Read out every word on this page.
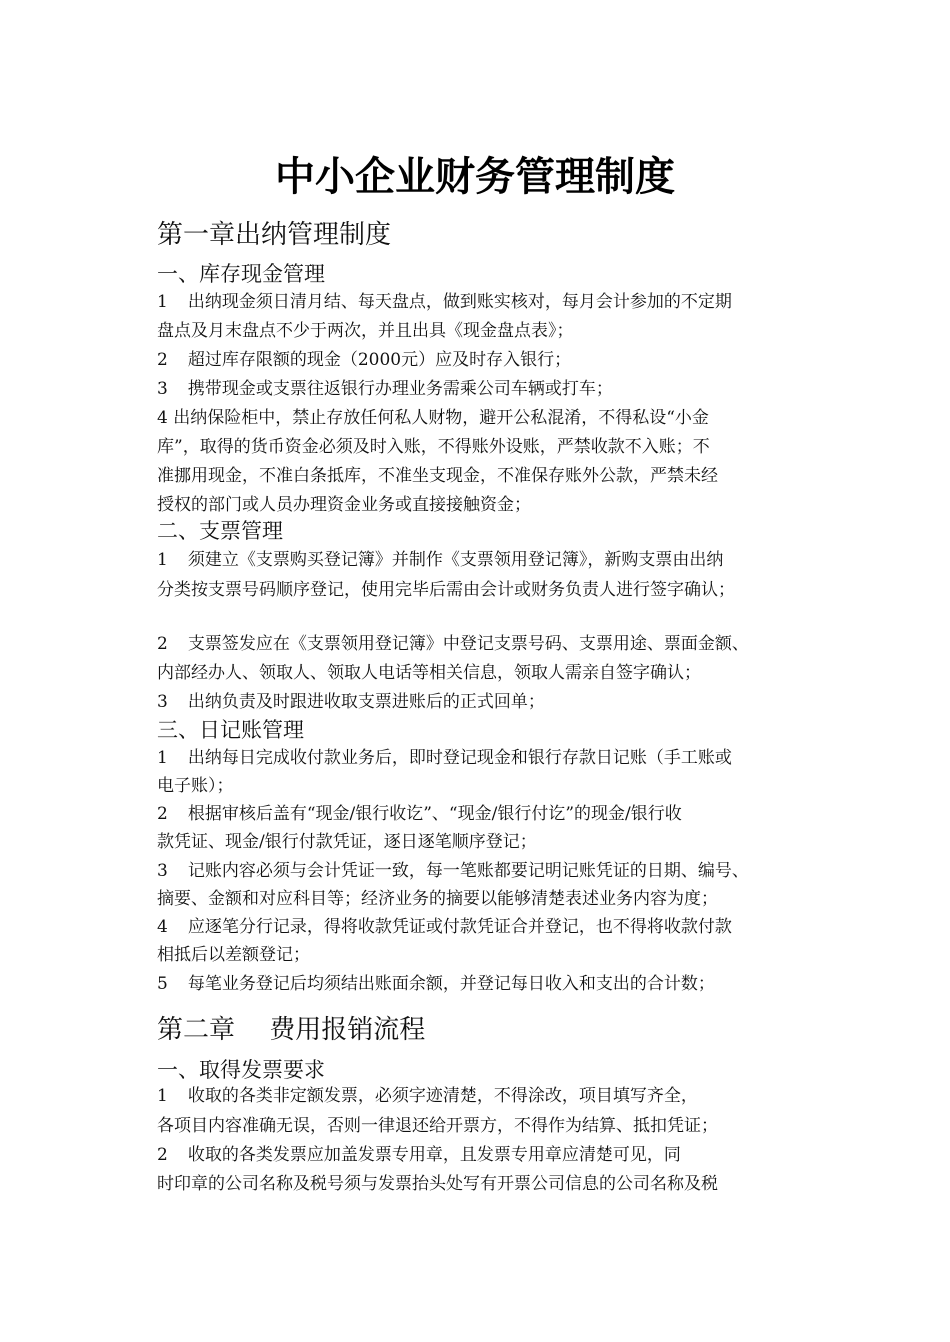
中小企业财务管理制度
第一章出纳管理制度
一、库存现金管理
1 出纳现金须日清月结、每天盘点，做到账实核对，每月会计参加的不定期
盘点及月末盘点不少于两次，并且出具《现金盘点表》；
2 超过库存限额的现金（2000元）应及时存入银行；
3 携带现金或支票往返银行办理业务需乘公司车辆或打车；
4 出纳保险柜中，禁止存放任何私人财物，避开公私混淆，不得私设“小金
库”，取得的货币资金必须及时入账，不得账外设账，严禁收款不入账；不
准挪用现金，不准白条抵库，不准坐支现金，不准保存账外公款，严禁未经
授权的部门或人员办理资金业务或直接接触资金；
二、支票管理
1 须建立《支票购买登记簿》并制作《支票领用登记簿》，新购支票由出纳
分类按支票号码顺序登记，使用完毕后需由会计或财务负责人进行签字确认；
2 支票签发应在《支票领用登记簿》中登记支票号码、支票用途、票面金额、
内部经办人、领取人、领取人电话等相关信息，领取人需亲自签字确认；
3 出纳负责及时跟进收取支票进账后的正式回单；
三、日记账管理
1 出纳每日完成收付款业务后，即时登记现金和银行存款日记账（手工账或
电子账）；
2 根据审核后盖有“现金/银行收讫”、“现金/银行付讫”的现金/银行收
款凭证、现金/银行付款凭证，逐日逐笔顺序登记；
3 记账内容必须与会计凭证一致，每一笔账都要记明记账凭证的日期、编号、
摘要、金额和对应科目等；经济业务的摘要以能够清楚表述业务内容为度；
4 应逐笔分行记录，得将收款凭证或付款凭证合并登记，也不得将收款付款
相抵后以差额登记；
5 每笔业务登记后均须结出账面余额，并登记每日收入和支出的合计数；
第二章　 费用报销流程
一、取得发票要求
1 收取的各类非定额发票，必须字迹清楚，不得涂改，项目填写齐全，
各项目内容准确无误，否则一律退还给开票方，不得作为结算、抵扣凭证；
2 收取的各类发票应加盖发票专用章，且发票专用章应清楚可见，同
时印章的公司名称及税号须与发票抬头处写有开票公司信息的公司名称及税
